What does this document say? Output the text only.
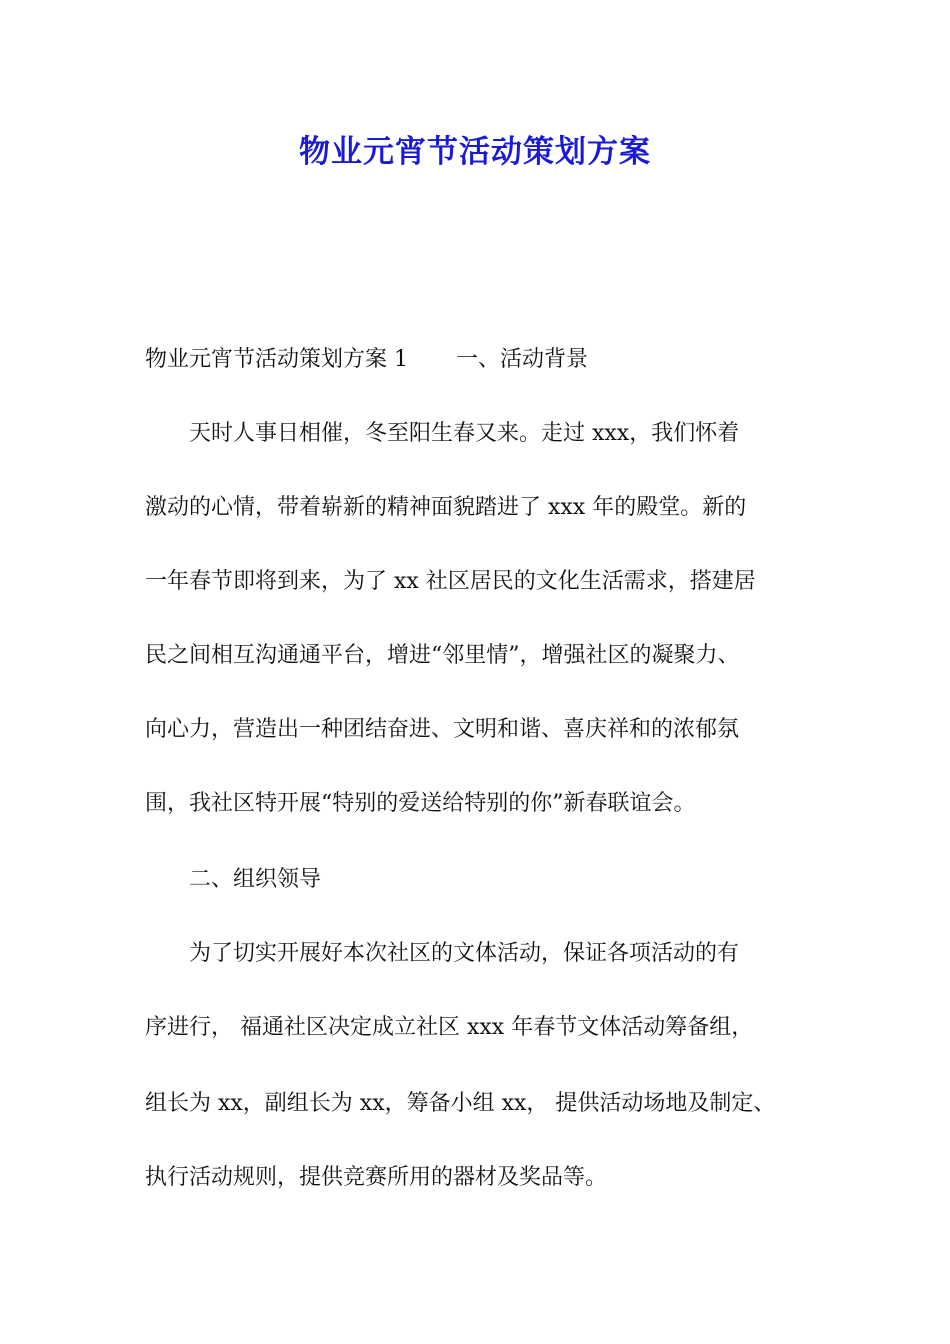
物业元宵节活动策划方案

物业元宵节活动策划方案 1 一、活动背景

　　天时人事日相催，冬至阳生春又来。走过 xxx，我们怀着

激动的心情，带着崭新的精神面貌踏进了 xxx 年的殿堂。新的

一年春节即将到来，为了 xx 社区居民的文化生活需求，搭建居

民之间相互沟通通平台，增进“邻里情”，增强社区的凝聚力、

向心力，营造出一种团结奋进、文明和谐、喜庆祥和的浓郁氛

围，我社区特开展“特别的爱送给特别的你”新春联谊会。

　　二、组织领导

　　为了切实开展好本次社区的文体活动，保证各项活动的有

序进行， 福通社区决定成立社区 xxx 年春节文体活动筹备组，

组长为 xx，副组长为 xx，筹备小组 xx， 提供活动场地及制定、

执行活动规则，提供竞赛所用的器材及奖品等。
